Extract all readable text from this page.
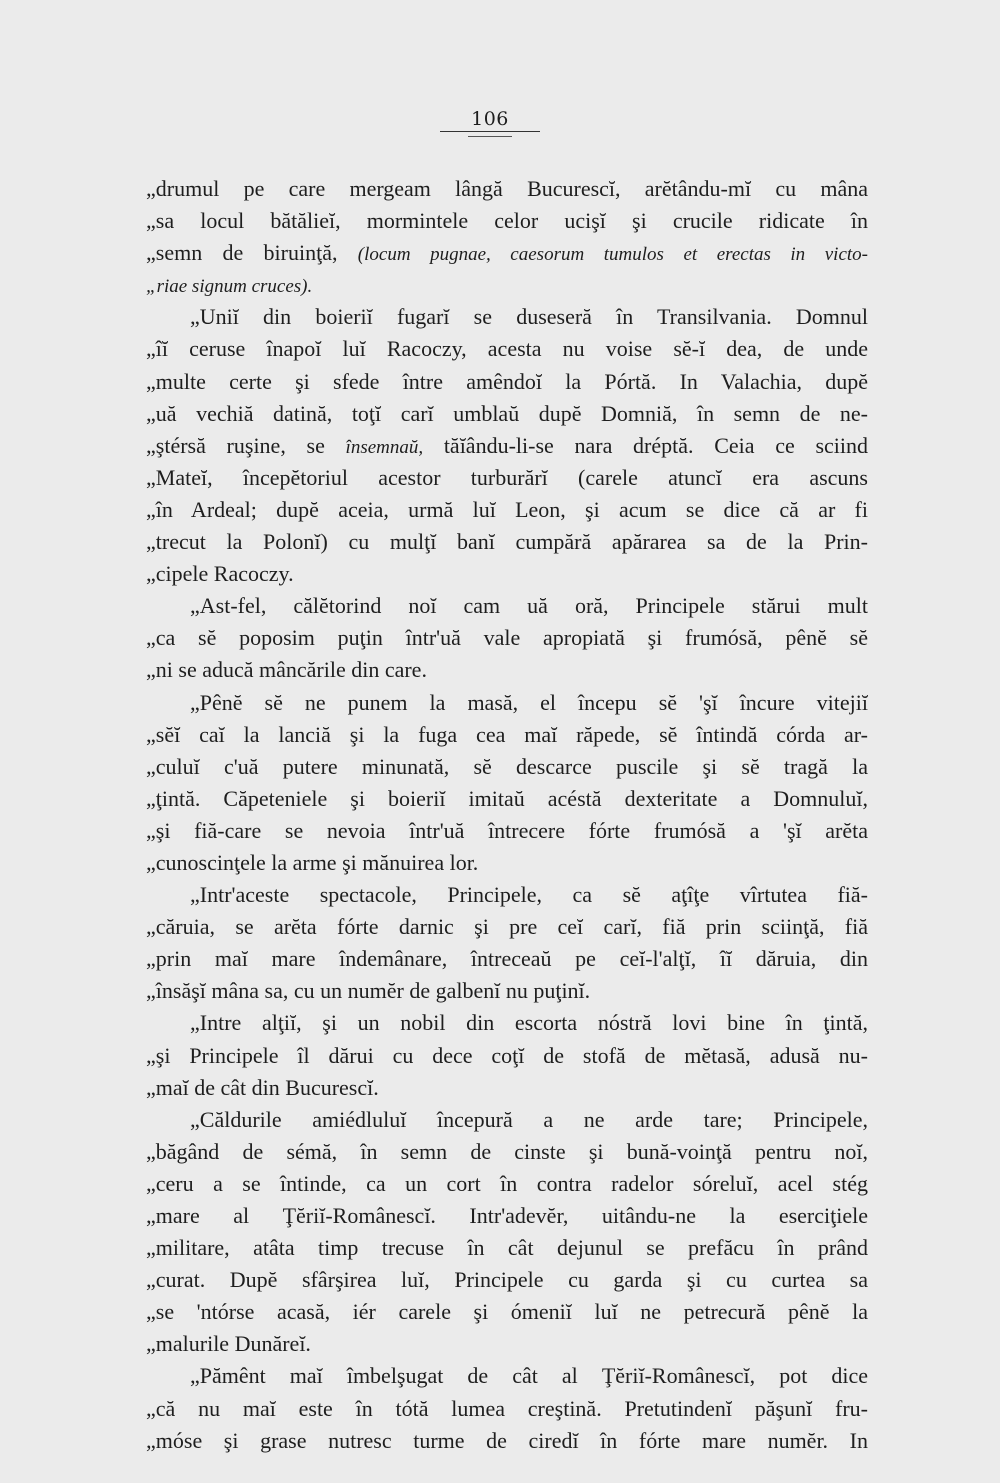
106
„drumul pe care mergeam lângă Bucurescĭ, arĕtându-mĭ cu mâna
„sa locul bătălieĭ, mormintele celor ucişĭ şi crucile ridicate în
„semn de biruinţă, (locum pugnae, caesorum tumulos et erectas in victo-
„riae signum cruces).
„Uniĭ din boieriĭ fugarĭ se duseseră în Transilvania. Domnul
„îĭ ceruse înapoĭ luĭ Racoczy, acesta nu voise sĕ-ĭ dea, de unde
„multe certe şi sfede între amêndoĭ la Pórtă. In Valachia, dupĕ
„uă vechiă datină, toţĭ carĭ umblaŭ dupĕ Domniă, în semn de ne-
„ştérsă ruşine, se însemnaŭ, tăĭându-li-se nara dréptă. Ceia ce sciind
„Mateĭ, începĕtoriul acestor turburărĭ (carele atuncĭ era ascuns
„în Ardeal; dupĕ aceia, urmă luĭ Leon, şi acum se dice că ar fi
„trecut la Polonĭ) cu mulţĭ banĭ cumpără apărarea sa de la Prin-
„cipele Racoczy.
„Ast-fel, călĕtorind noĭ cam uă oră, Principele stărui mult
„ca sĕ poposim puţin într'uă vale apropiată şi frumósă, pênĕ sĕ
„ni se aducă mâncările din care.
„Pênĕ sĕ ne punem la masă, el începu sĕ 'şĭ încure vitejiĭ
„sĕĭ caĭ la lanciă şi la fuga cea maĭ răpede, sĕ întindă córda ar-
„culuĭ c'uă putere minunată, sĕ descarce puscile şi sĕ tragă la
„ţintă. Căpeteniele şi boieriĭ imitaŭ acéstă dexteritate a Domnuluĭ,
„şi fiă-care se nevoia într'uă întrecere fórte frumósă a 'şĭ arĕta
„cunoscinţele la arme şi mănuirea lor.
„Intr'aceste spectacole, Principele, ca sĕ aţîţe vîrtutea fiă-
„căruia, se arĕta fórte darnic şi pre ceĭ carĭ, fiă prin sciinţă, fiă
„prin maĭ mare îndemânare, întreceaŭ pe ceĭ-l'alţĭ, îĭ dăruia, din
„însăşĭ mâna sa, cu un numĕr de galbenĭ nu puţinĭ.
„Intre alţiĭ, şi un nobil din escorta nóstră lovi bine în ţintă,
„şi Principele îl dărui cu dece coţĭ de stofă de mĕtasă, adusă nu-
„maĭ de cât din Bucurescĭ.
„Căldurile amiédluluĭ începură a ne arde tare; Principele,
„băgând de sémă, în semn de cinste şi bună-voinţă pentru noĭ,
„ceru a se întinde, ca un cort în contra radelor sóreluĭ, acel stég
„mare al Ţĕriĭ-Românescĭ. Intr'adevĕr, uitându-ne la eserciţiele
„militare, atâta timp trecuse în cât dejunul se prefăcu în prând
„curat. Dupĕ sfârşirea luĭ, Principele cu garda şi cu curtea sa
„se 'ntórse acasă, iér carele şi ómeniĭ luĭ ne petrecură pênĕ la
„malurile Dunăreĭ.
„Pămênt maĭ îmbelşugat de cât al Ţĕriĭ-Românescĭ, pot dice
„că nu maĭ este în tótă lumea creştină. Pretutindenĭ păşunĭ fru-
„móse şi grase nutresc turme de ciredĭ în fórte mare numĕr. In
